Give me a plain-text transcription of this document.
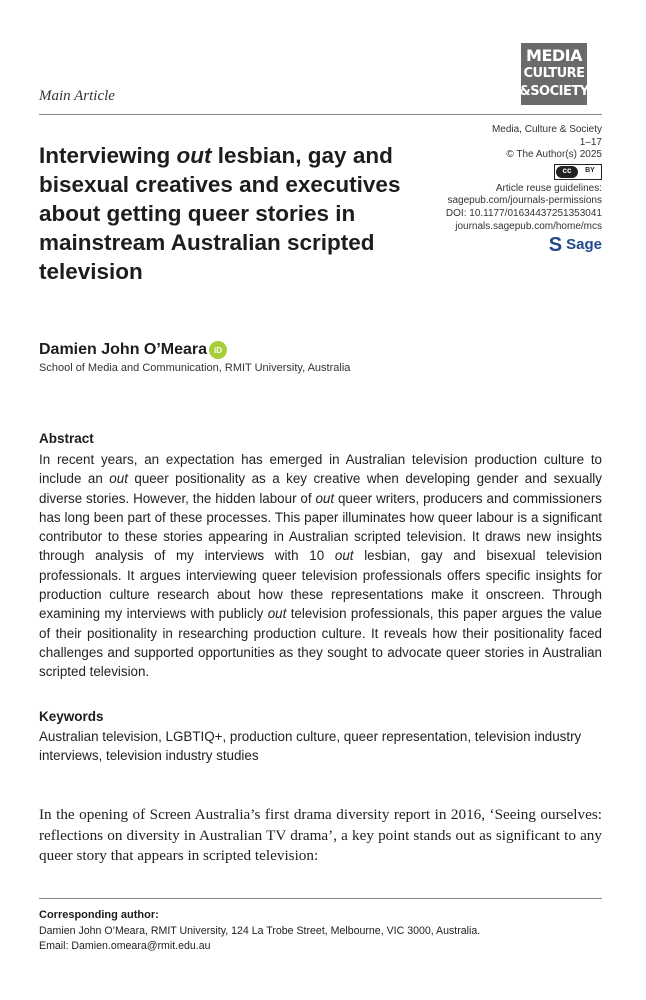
MEDIA
CULTURE
&SOCIETY
Main Article
Interviewing out lesbian, gay and bisexual creatives and executives about getting queer stories in mainstream Australian scripted television
Media, Culture & Society
1–17
© The Author(s) 2025
cc	BY
Article reuse guidelines:
sagepub.com/journals-permissions
DOI: 10.1177/01634437251353041
journals.sagepub.com/home/mcs
S Sage
Damien John O’Meara iD
School of Media and Communication, RMIT University, Australia
Abstract

In recent years, an expectation has emerged in Australian television production culture to include an out queer positionality as a key creative when developing gender and sexually diverse stories. However, the hidden labour of out queer writers, producers and commissioners has long been part of these processes. This paper illuminates how queer labour is a significant contributor to these stories appearing in Australian scripted television. It draws new insights through analysis of my interviews with 10 out lesbian, gay and bisexual television professionals. It argues interviewing queer television professionals offers specific insights for production culture research about how these representations make it onscreen. Through examining my interviews with publicly out television professionals, this paper argues the value of their positionality in researching production culture. It reveals how their positionality faced challenges and supported opportunities as they sought to advocate queer stories in Australian scripted television.

Keywords

Australian television, LGBTIQ+, production culture, queer representation, television industry interviews, television industry studies

In the opening of Screen Australia’s first drama diversity report in 2016, ‘Seeing ourselves: reflections on diversity in Australian TV drama’, a key point stands out as significant to any queer story that appears in scripted television:

Corresponding author:
Damien John O’Meara, RMIT University, 124 La Trobe Street, Melbourne, VIC 3000, Australia.
Email: Damien.omeara@rmit.edu.au
